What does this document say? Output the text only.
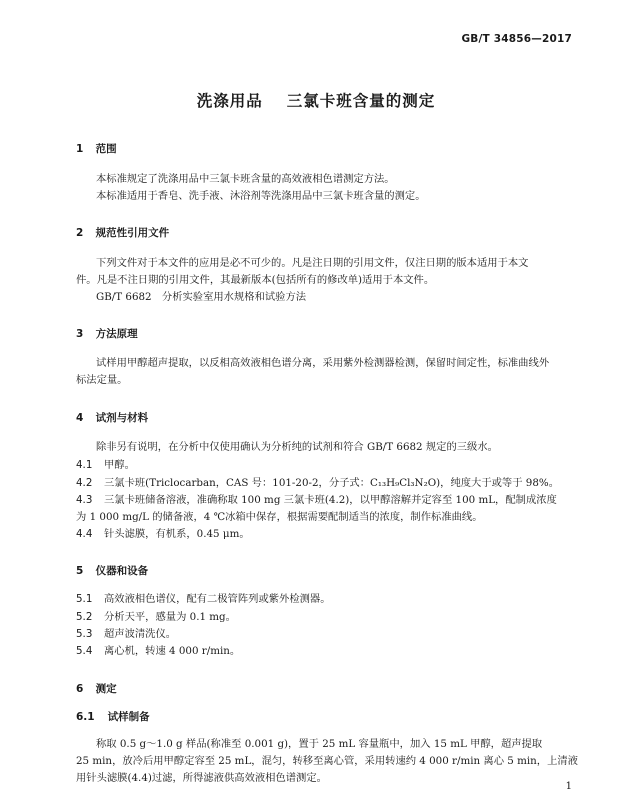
GB/T 34856—2017
洗涤用品 三氯卡班含量的测定
1 范围
本标准规定了洗涤用品中三氯卡班含量的高效液相色谱测定方法。
本标准适用于香皂、洗手液、沐浴剂等洗涤用品中三氯卡班含量的测定。
2 规范性引用文件
下列文件对于本文件的应用是必不可少的。凡是注日期的引用文件，仅注日期的版本适用于本文
件。凡是不注日期的引用文件，其最新版本(包括所有的修改单)适用于本文件。
GB/T 6682　分析实验室用水规格和试验方法
3 方法原理
试样用甲醇超声提取，以反相高效液相色谱分离，采用紫外检测器检测，保留时间定性，标准曲线外
标法定量。
4 试剂与材料
除非另有说明，在分析中仅使用确认为分析纯的试剂和符合 GB/T 6682 规定的三级水。
4.1 甲醇。
4.2 三氯卡班(Triclocarban，CAS 号：101-20-2，分子式：C₁₃H₉Cl₃N₂O)，纯度大于或等于 98%。
4.3 三氯卡班储备溶液，准确称取 100 mg 三氯卡班(4.2)，以甲醇溶解并定容至 100 mL，配制成浓度
为 1 000 mg/L 的储备液，4 ℃冰箱中保存，根据需要配制适当的浓度，制作标准曲线。
4.4 针头滤膜，有机系，0.45 μm。
5 仪器和设备
5.1 高效液相色谱仪，配有二极管阵列或紫外检测器。
5.2 分析天平，感量为 0.1 mg。
5.3 超声波清洗仪。
5.4 离心机，转速 4 000 r/min。
6 测定
6.1 试样制备
称取 0.5 g～1.0 g 样品(称准至 0.001 g)，置于 25 mL 容量瓶中，加入 15 mL 甲醇，超声提取
25 min，放冷后用甲醇定容至 25 mL，混匀，转移至离心管，采用转速约 4 000 r/min 离心 5 min，上清液
用针头滤膜(4.4)过滤，所得滤液供高效液相色谱测定。
1
